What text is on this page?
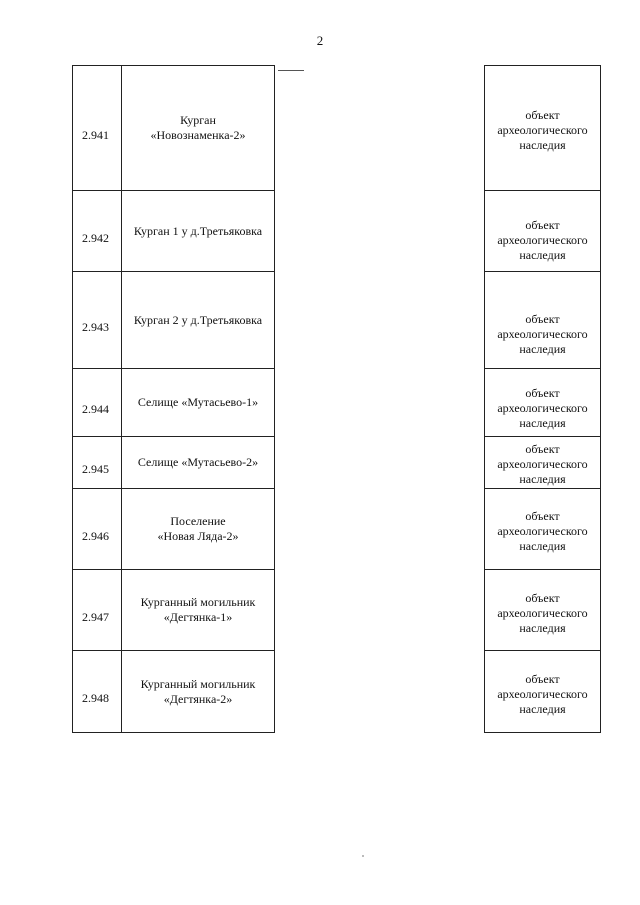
2
2.941	Курган
«Новознаменка-2»		объект
археологического
наследия

2.942	Курган 1 у д.Третьяковка		объект
археологического
наследия

2.943	Курган 2 у д.Третьяковка		объект
археологического
наследия

2.944	Селище «Мутасьево-1»		объект
археологического
наследия

2.945	Селище «Мутасьево-2»		объект
археологического
наследия

2.946	Поселение
«Новая Ляда-2»		объект
археологического
наследия

2.947	Курганный могильник
«Дегтянка-1»		объект
археологического
наследия

2.948	Курганный могильник
«Дегтянка-2»		объект
археологического
наследия
